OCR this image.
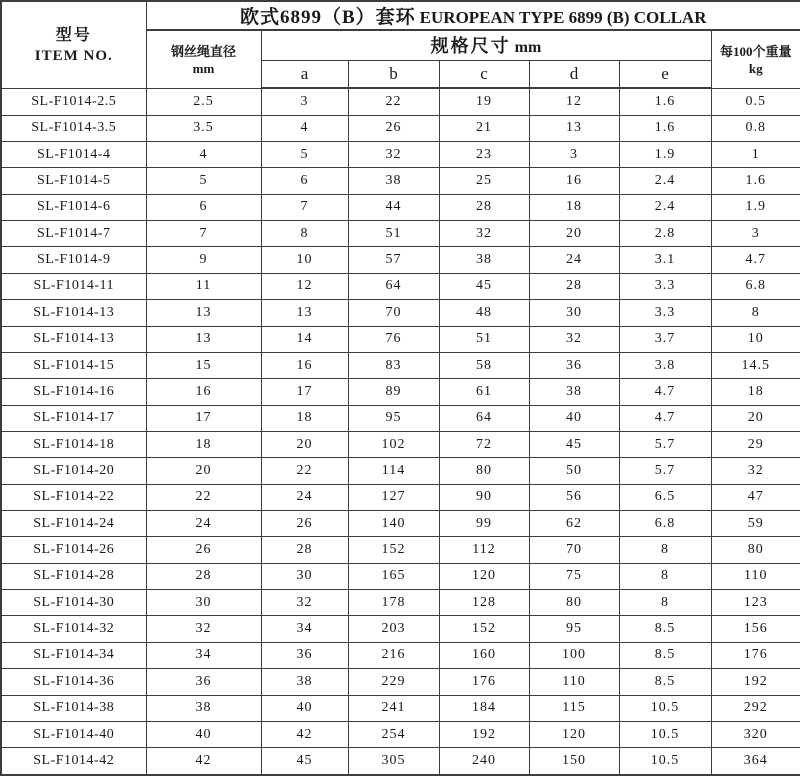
型号
ITEM NO.	欧式6899（B）套环 EUROPEAN TYPE 6899 (B) COLLAR						

	钢丝绳直径
mm	规格尺寸 mm					每100个重量
kg

		a	b	c	d	e	
SL-F1014-2.5	2.5	3	22	19	12	1.6	0.5
SL-F1014-3.5	3.5	4	26	21	13	1.6	0.8
SL-F1014-4	4	5	32	23	3	1.9	1
SL-F1014-5	5	6	38	25	16	2.4	1.6
SL-F1014-6	6	7	44	28	18	2.4	1.9
SL-F1014-7	7	8	51	32	20	2.8	3
SL-F1014-9	9	10	57	38	24	3.1	4.7
SL-F1014-11	11	12	64	45	28	3.3	6.8
SL-F1014-13	13	13	70	48	30	3.3	8
SL-F1014-13	13	14	76	51	32	3.7	10
SL-F1014-15	15	16	83	58	36	3.8	14.5
SL-F1014-16	16	17	89	61	38	4.7	18
SL-F1014-17	17	18	95	64	40	4.7	20
SL-F1014-18	18	20	102	72	45	5.7	29
SL-F1014-20	20	22	114	80	50	5.7	32
SL-F1014-22	22	24	127	90	56	6.5	47
SL-F1014-24	24	26	140	99	62	6.8	59
SL-F1014-26	26	28	152	112	70	8	80
SL-F1014-28	28	30	165	120	75	8	110
SL-F1014-30	30	32	178	128	80	8	123
SL-F1014-32	32	34	203	152	95	8.5	156
SL-F1014-34	34	36	216	160	100	8.5	176
SL-F1014-36	36	38	229	176	110	8.5	192
SL-F1014-38	38	40	241	184	115	10.5	292
SL-F1014-40	40	42	254	192	120	10.5	320
SL-F1014-42	42	45	305	240	150	10.5	364
